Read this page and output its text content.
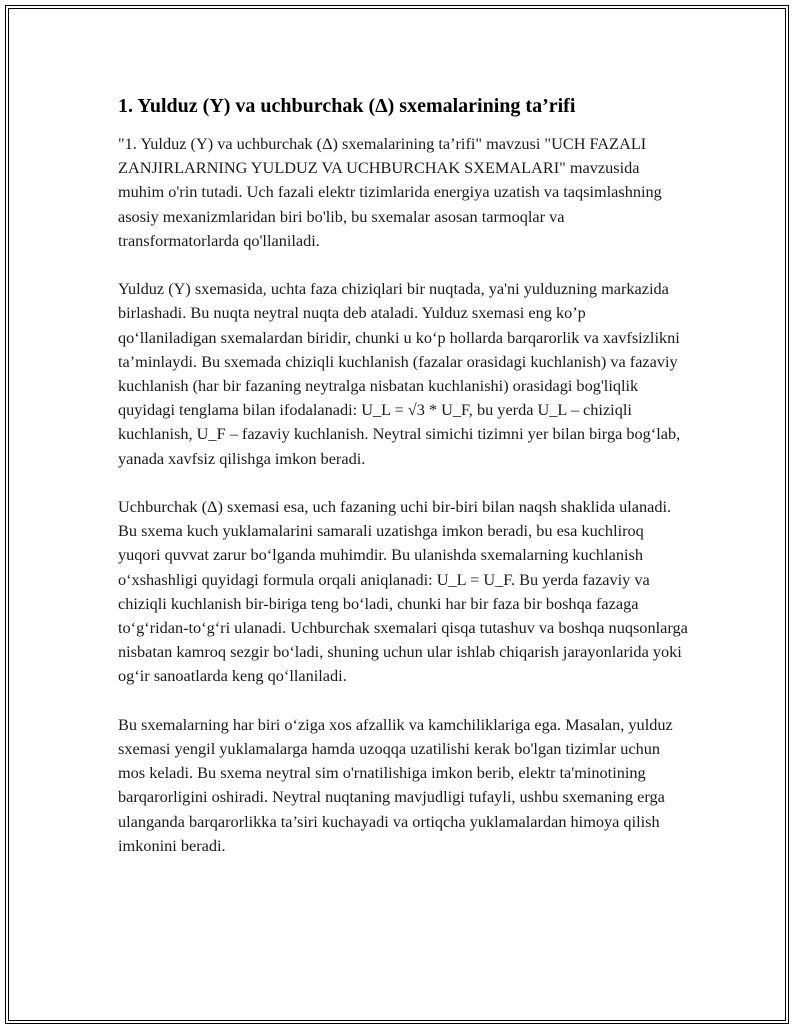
1. Yulduz (Y) va uchburchak (Δ) sxemalarining ta’rifi

"1. Yulduz (Y) va uchburchak (Δ) sxemalarining ta’rifi" mavzusi "UCH FAZALI ZANJIRLARNING YULDUZ VA UCHBURCHAK SXEMALARI" mavzusida muhim o'rin tutadi. Uch fazali elektr tizimlarida energiya uzatish va taqsimlashning asosiy mexanizmlaridan biri bo'lib, bu sxemalar asosan tarmoqlar va transformatorlarda qo'llaniladi.

Yulduz (Y) sxemasida, uchta faza chiziqlari bir nuqtada, ya'ni yulduzning markazida birlashadi. Bu nuqta neytral nuqta deb ataladi. Yulduz sxemasi eng ko’p qo‘llaniladigan sxemalardan biridir, chunki u ko‘p hollarda barqarorlik va xavfsizlikni ta’minlaydi. Bu sxemada chiziqli kuchlanish (fazalar orasidagi kuchlanish) va fazaviy kuchlanish (har bir fazaning neytralga nisbatan kuchlanishi) orasidagi bog'liqlik quyidagi tenglama bilan ifodalanadi: U_L = √3 * U_F, bu yerda U_L – chiziqli kuchlanish, U_F – fazaviy kuchlanish. Neytral simichi tizimni yer bilan birga bog‘lab, yanada xavfsiz qilishga imkon beradi.

Uchburchak (Δ) sxemasi esa, uch fazaning uchi bir-biri bilan naqsh shaklida ulanadi. Bu sxema kuch yuklamalarini samarali uzatishga imkon beradi, bu esa kuchliroq yuqori quvvat zarur bo‘lganda muhimdir. Bu ulanishda sxemalarning kuchlanish o‘xshashligi quyidagi formula orqali aniqlanadi: U_L = U_F. Bu yerda fazaviy va chiziqli kuchlanish bir-biriga teng bo‘ladi, chunki har bir faza bir boshqa fazaga to‘g‘ridan-to‘g‘ri ulanadi. Uchburchak sxemalari qisqa tutashuv va boshqa nuqsonlarga nisbatan kamroq sezgir bo‘ladi, shuning uchun ular ishlab chiqarish jarayonlarida yoki og‘ir sanoatlarda keng qo‘llaniladi.

Bu sxemalarning har biri o‘ziga xos afzallik va kamchiliklariga ega. Masalan, yulduz sxemasi yengil yuklamalarga hamda uzoqqa uzatilishi kerak bo'lgan tizimlar uchun mos keladi. Bu sxema neytral sim o'rnatilishiga imkon berib, elektr ta'minotining barqarorligini oshiradi. Neytral nuqtaning mavjudligi tufayli, ushbu sxemaning erga ulanganda barqarorlikka ta’siri kuchayadi va ortiqcha yuklamalardan himoya qilish imkonini beradi.
